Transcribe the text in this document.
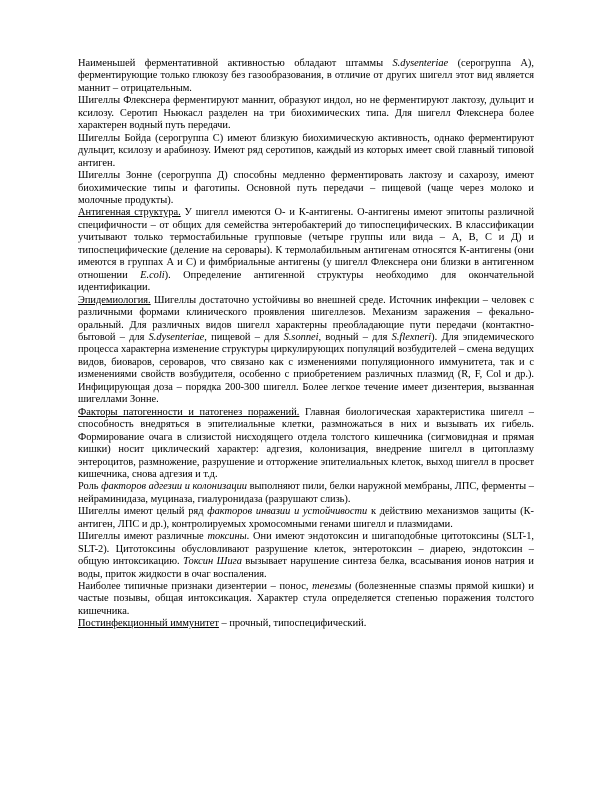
Наименьшей ферментативной активностью обладают штаммы S.dysenteriae (серогруппа А), ферментирующие только глюкозу без газообразования, в отличие от других шигелл этот вид является маннит – отрицательным.

Шигеллы Флекснера ферментируют маннит, образуют индол, но не ферментируют лактозу, дульцит и ксилозу. Серотип Ньюкасл разделен на три биохимических типа. Для шигелл Флекснера более характерен водный путь передачи.

Шигеллы Бойда (серогруппа С) имеют близкую биохимическую активность, однако ферментируют дульцит, ксилозу и арабинозу. Имеют ряд серотипов, каждый из которых имеет свой главный типовой антиген.

Шигеллы Зонне (серогруппа Д) способны медленно ферментировать лактозу и сахарозу, имеют биохимические типы и фаготипы. Основной путь передачи – пищевой (чаще через молоко и молочные продукты).

Антигенная структура. У шигелл имеются О- и К-антигены. О-антигены имеют эпитопы различной специфичности – от общих для семейства энтеробактерий до типоспецифических. В классификации учитывают только термостабильные групповые (четыре группы или вида – А, В, С и Д) и типоспецифические (деление на серовары). К термолабильным антигенам относятся К-антигены (они имеются в группах А и С) и фимбриальные антигены (у шигелл Флекснера они близки в антигенном отношении E.coli). Определение антигенной структуры необходимо для окончательной идентификации.

Эпидемиология. Шигеллы достаточно устойчивы во внешней среде. Источник инфекции – человек с различными формами клинического проявления шигеллезов. Механизм заражения – фекально-оральный. Для различных видов шигелл характерны преобладающие пути передачи (контактно-бытовой – для S.dysenteriae, пищевой – для S.sonnei, водный – для S.flexneri). Для эпидемического процесса характерна изменение структуры циркулирующих популяций возбудителей – смена ведущих видов, биоваров, сероваров, что связано как с изменениями популяционного иммунитета, так и с изменениями свойств возбудителя, особенно с приобретением различных плазмид (R, F, Col и др.). Инфицирующая доза – порядка 200-300 шигелл. Более легкое течение имеет дизентерия, вызванная шигеллами Зонне.

Факторы патогенности и патогенез поражений. Главная биологическая характеристика шигелл – способность внедряться в эпителиальные клетки, размножаться в них и вызывать их гибель. Формирование очага в слизистой нисходящего отдела толстого кишечника (сигмовидная и прямая кишки) носит циклический характер: адгезия, колонизация, внедрение шигелл в цитоплазму энтероцитов, размножение, разрушение и отторжение эпителиальных клеток, выход шигелл в просвет кишечника, снова адгезия и т.д.

Роль факторов адгезии и колонизации выполняют пили, белки наружной мембраны, ЛПС, ферменты – нейраминидаза, муциназа, гиалуронидаза (разрушают слизь).

Шигеллы имеют целый ряд факторов инвазии и устойчивости к действию механизмов защиты (К-антиген, ЛПС и др.), контролируемых хромосомными генами шигелл и плазмидами.

Шигеллы имеют различные токсины. Они имеют эндотоксин и шигаподобные цитотоксины (SLT-1, SLT-2). Цитотоксины обусловливают разрушение клеток, энтеротоксин – диарею, эндотоксин – общую интоксикацию. Токсин Шига вызывает нарушение синтеза белка, всасывания ионов натрия и воды, приток жидкости в очаг воспаления.

Наиболее типичные признаки дизентерии – понос, тенезмы (болезненные спазмы прямой кишки) и частые позывы, общая интоксикация. Характер стула определяется степенью поражения толстого кишечника.

Постинфекционный иммунитет – прочный, типоспецифический.
